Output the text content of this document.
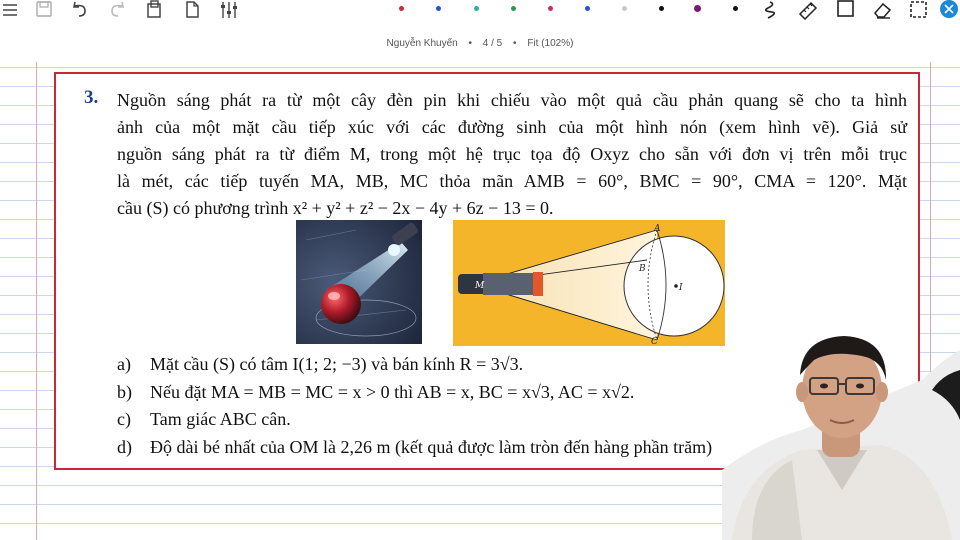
Nguyễn Khuyến • 4 / 5 • Fit (102%)
3. Nguồn sáng phát ra từ một cây đèn pin khi chiếu vào một quả cầu phản quang sẽ cho ta hình

ảnh của một mặt cầu tiếp xúc với các đường sinh của một hình nón (xem hình vẽ). Giả sử

nguồn sáng phát ra từ điểm M, trong một hệ trục tọa độ Oxyz cho sẵn với đơn vị trên mỗi trục

là mét, các tiếp tuyến MA, MB, MC thỏa mãn AMB = 60°, BMC = 90°, CMA = 120°. Mặt

cầu (S) có phương trình x² + y² + z² − 2x − 4y + 6z − 13 = 0.

M
A
B
C
I
a) Mặt cầu (S) có tâm I(1; 2; −3) và bán kính R = 3√3.
b) Nếu đặt MA = MB = MC = x > 0 thì AB = x, BC = x√3, AC = x√2.
c) Tam giác ABC cân.
d) Độ dài bé nhất của OM là 2,26 m (kết quả được làm tròn đến hàng phần trăm)
